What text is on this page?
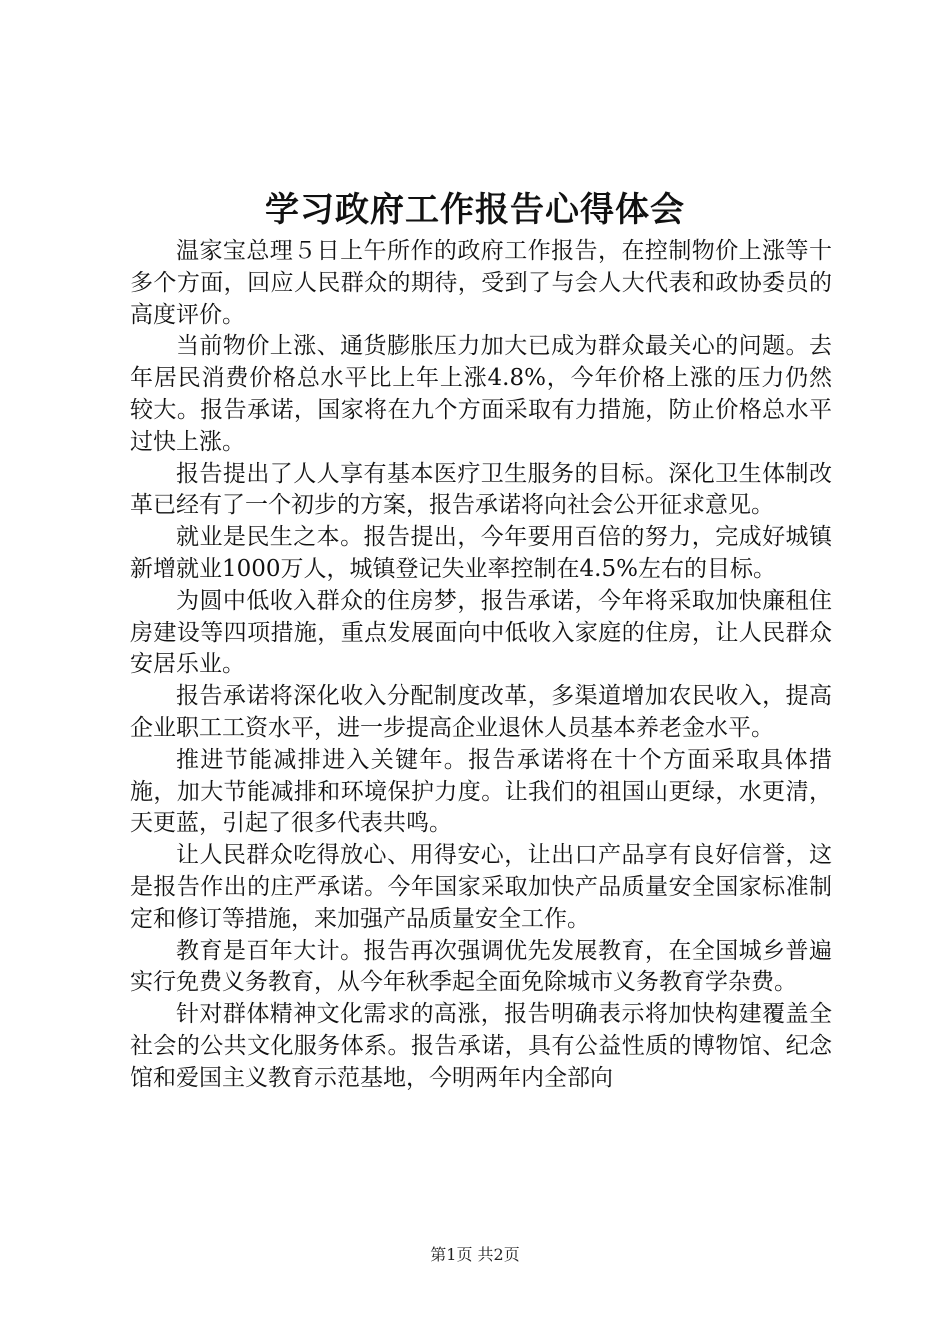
学习政府工作报告心得体会

温家宝总理５日上午所作的政府工作报告，在控制物价上涨等十多个方面，回应人民群众的期待，受到了与会人大代表和政协委员的高度评价。

当前物价上涨、通货膨胀压力加大已成为群众最关心的问题。去年居民消费价格总水平比上年上涨4.8%，今年价格上涨的压力仍然较大。报告承诺，国家将在九个方面采取有力措施，防止价格总水平过快上涨。

报告提出了人人享有基本医疗卫生服务的目标。深化卫生体制改革已经有了一个初步的方案，报告承诺将向社会公开征求意见。

就业是民生之本。报告提出，今年要用百倍的努力，完成好城镇新增就业1000万人，城镇登记失业率控制在4.5%左右的目标。

为圆中低收入群众的住房梦，报告承诺，今年将采取加快廉租住房建设等四项措施，重点发展面向中低收入家庭的住房，让人民群众安居乐业。

报告承诺将深化收入分配制度改革，多渠道增加农民收入，提高企业职工工资水平，进一步提高企业退休人员基本养老金水平。

推进节能减排进入关键年。报告承诺将在十个方面采取具体措施，加大节能减排和环境保护力度。让我们的祖国山更绿，水更清，天更蓝，引起了很多代表共鸣。

让人民群众吃得放心、用得安心，让出口产品享有良好信誉，这是报告作出的庄严承诺。今年国家采取加快产品质量安全国家标准制定和修订等措施，来加强产品质量安全工作。

教育是百年大计。报告再次强调优先发展教育，在全国城乡普遍实行免费义务教育，从今年秋季起全面免除城市义务教育学杂费。

针对群体精神文化需求的高涨，报告明确表示将加快构建覆盖全社会的公共文化服务体系。报告承诺，具有公益性质的博物馆、纪念馆和爱国主义教育示范基地，今明两年内全部向

第1页 共2页
